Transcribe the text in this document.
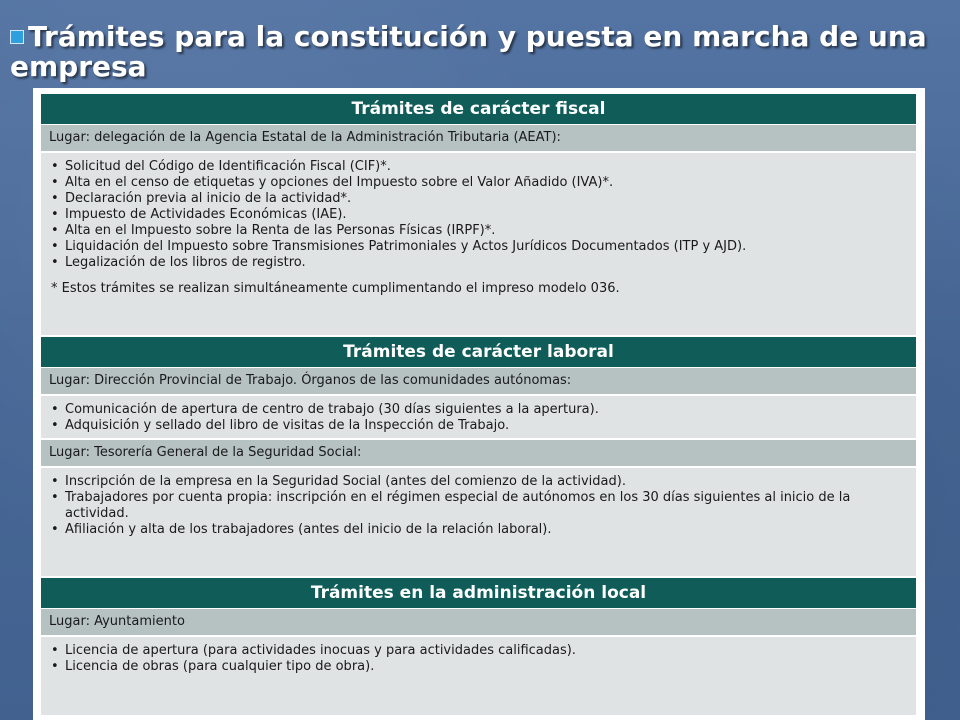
Trámites para la constitución y puesta en marcha de una empresa
Trámites de carácter fiscal
Lugar: delegación de la Agencia Estatal de la Administración Tributaria (AEAT):
• Solicitud del Código de Identificación Fiscal (CIF)*.
• Alta en el censo de etiquetas y opciones del Impuesto sobre el Valor Añadido (IVA)*.
• Declaración previa al inicio de la actividad*.
• Impuesto de Actividades Económicas (IAE).
• Alta en el Impuesto sobre la Renta de las Personas Físicas (IRPF)*.
• Liquidación del Impuesto sobre Transmisiones Patrimoniales y Actos Jurídicos Documentados (ITP y AJD).
• Legalización de los libros de registro.
* Estos trámites se realizan simultáneamente cumplimentando el impreso modelo 036.
Trámites de carácter laboral
Lugar: Dirección Provincial de Trabajo. Órganos de las comunidades autónomas:
• Comunicación de apertura de centro de trabajo (30 días siguientes a la apertura).
• Adquisición y sellado del libro de visitas de la Inspección de Trabajo.
Lugar: Tesorería General de la Seguridad Social:
• Inscripción de la empresa en la Seguridad Social (antes del comienzo de la actividad).
• Trabajadores por cuenta propia: inscripción en el régimen especial de autónomos en los 30 días siguientes al inicio de la actividad.
• Afiliación y alta de los trabajadores (antes del inicio de la relación laboral).
Trámites en la administración local
Lugar: Ayuntamiento
• Licencia de apertura (para actividades inocuas y para actividades calificadas).
• Licencia de obras (para cualquier tipo de obra).
